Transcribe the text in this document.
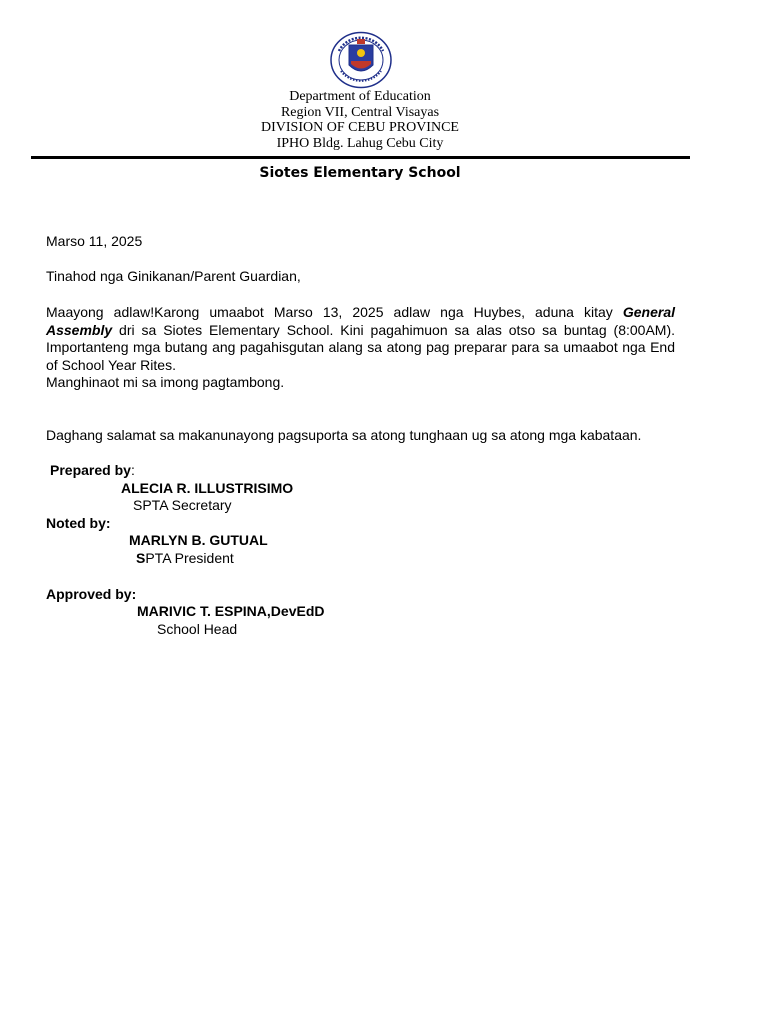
Department of Education
Region VII, Central Visayas
DIVISION OF CEBU PROVINCE
IPHO Bldg. Lahug Cebu City
Siotes Elementary School
Marso 11, 2025
Tinahod nga Ginikanan/Parent Guardian,
Maayong adlaw!Karong umaabot Marso 13, 2025 adlaw nga Huybes, aduna kitay General Assembly dri sa Siotes Elementary School. Kini pagahimuon sa alas otso sa buntag (8:00AM). Importanteng mga butang ang pagahisgutan alang sa atong pag preparar para sa umaabot nga End of School Year Rites.
Manghinaot mi sa imong pagtambong.
Daghang salamat sa makanunayong pagsuporta sa atong tunghaan ug sa atong mga kabataan.
Prepared by:
ALECIA R. ILLUSTRISIMO
SPTA Secretary
Noted by:
MARLYN B. GUTUAL
SPTA President
Approved by:
MARIVIC T. ESPINA,DevEdD
School Head
